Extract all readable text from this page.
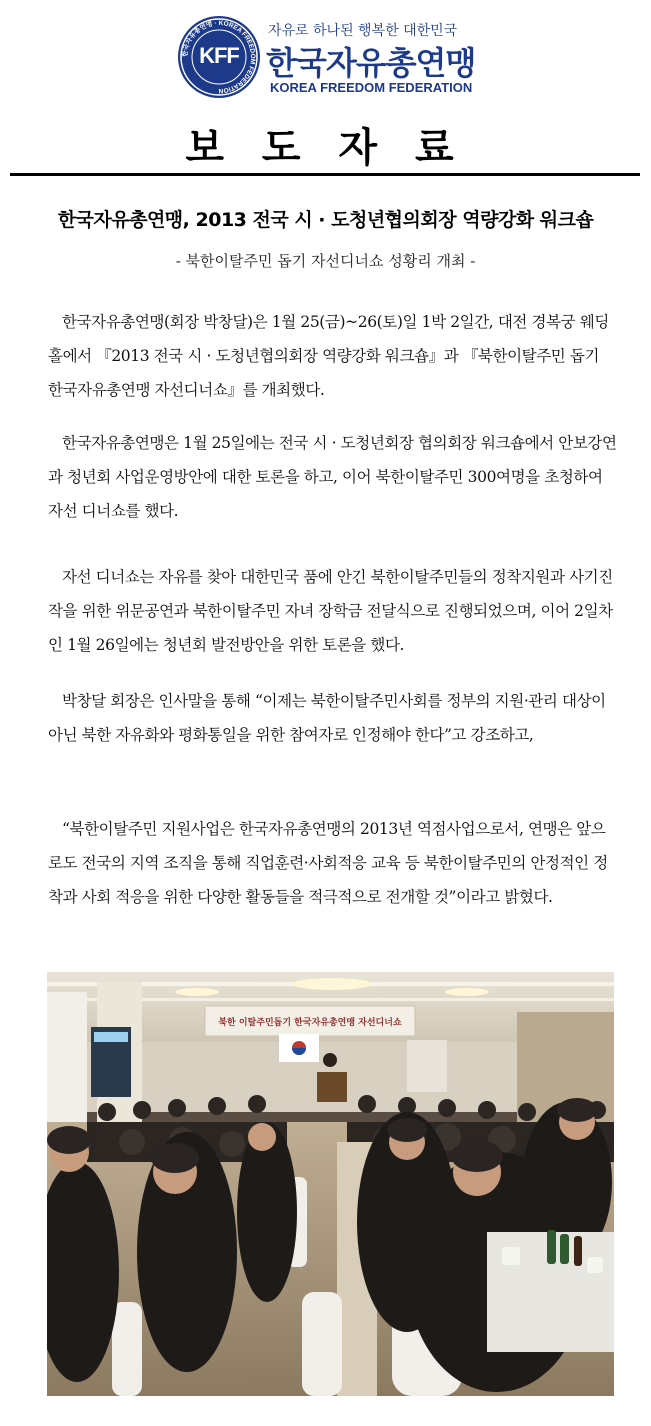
한국자유총연맹 · KOREA FREEDOM FEDERATION
KFF
자유로 하나된 행복한 대한민국
한국자유총연맹
KOREA FREEDOM FEDERATION
보 도 자 료
한국자유총연맹, 2013 전국 시 · 도청년협의회장 역량강화 워크숍
- 북한이탈주민 돕기 자선디너쇼 성황리 개최 -
한국자유총연맹(회장 박창달)은 1월 25(금)~26(토)일 1박 2일간, 대전 경복궁 웨딩홀에서 『2013 전국 시 · 도청년협의회장 역량강화 워크숍』과 『북한이탈주민 돕기 한국자유총연맹 자선디너쇼』를 개최했다.
한국자유총연맹은 1월 25일에는 전국 시 · 도청년회장 협의회장 워크숍에서 안보강연과 청년회 사업운영방안에 대한 토론을 하고, 이어 북한이탈주민 300여명을 초청하여 자선 디너쇼를 했다.
자선 디너쇼는 자유를 찾아 대한민국 품에 안긴 북한이탈주민들의 정착지원과 사기진작을 위한 위문공연과 북한이탈주민 자녀 장학금 전달식으로 진행되었으며, 이어 2일차인 1월 26일에는 청년회 발전방안을 위한 토론을 했다.
박창달 회장은 인사말을 통해 “이제는 북한이탈주민사회를 정부의 지원·관리 대상이 아닌 북한 자유화와 평화통일을 위한 참여자로 인정해야 한다”고 강조하고,
“북한이탈주민 지원사업은 한국자유총연맹의 2013년 역점사업으로서, 연맹은 앞으로도 전국의 지역 조직을 통해 직업훈련·사회적응 교육 등 북한이탈주민의 안정적인 정착과 사회 적응을 위한 다양한 활동들을 적극적으로 전개할 것”이라고 밝혔다.
북한 이탈주민돕기 한국자유총연맹 자선디너쇼
